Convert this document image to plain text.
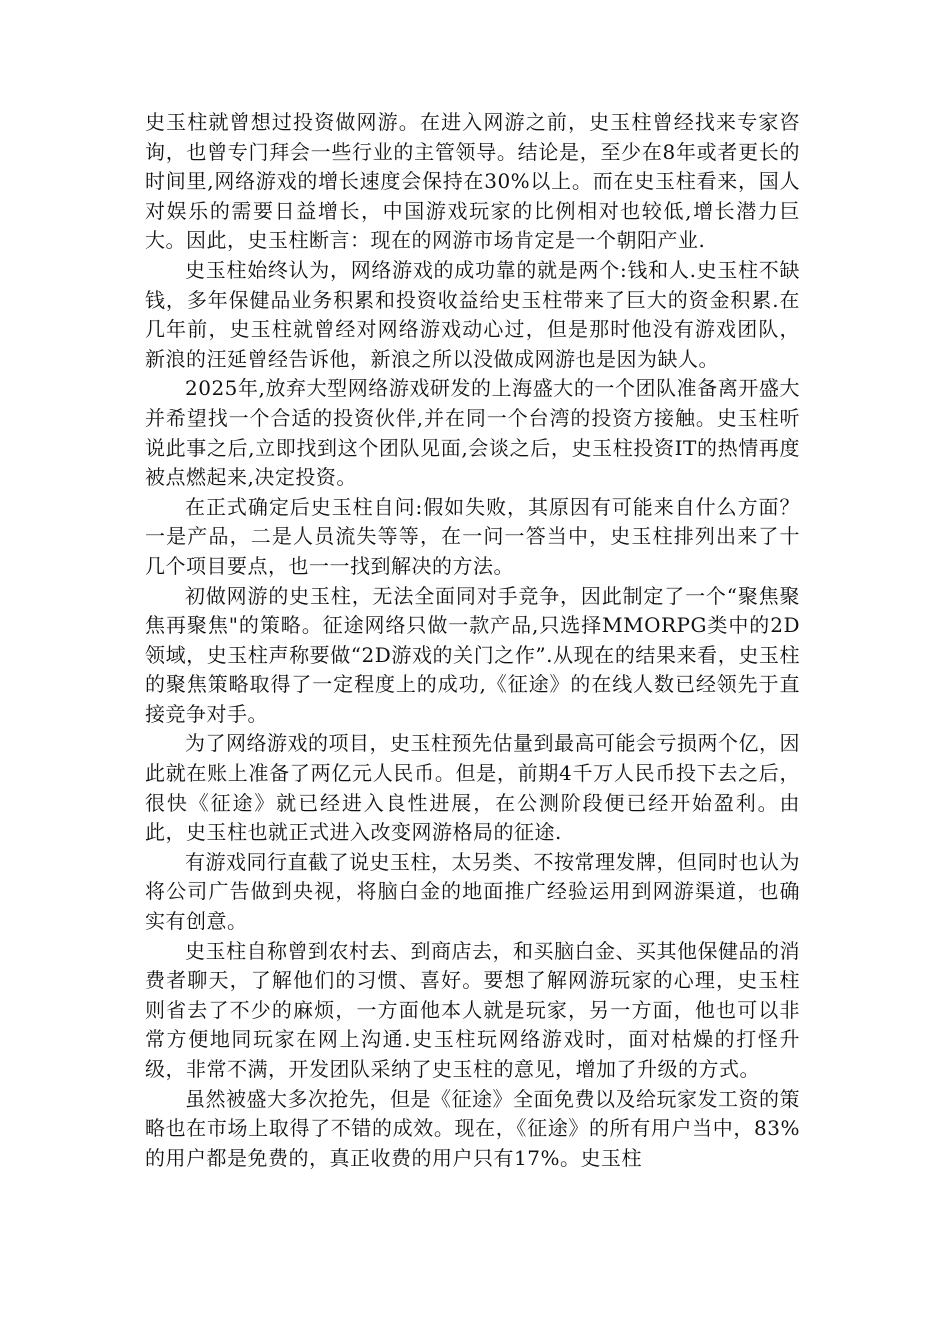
史玉柱就曾想过投资做网游。在进入网游之前，史玉柱曾经找来专家咨询，也曾专门拜会一些行业的主管领导。结论是，至少在8年或者更长的时间里,网络游戏的增长速度会保持在30%以上。而在史玉柱看来，国人对娱乐的需要日益增长，中国游戏玩家的比例相对也较低,增长潜力巨大。因此，史玉柱断言：现在的网游市场肯定是一个朝阳产业.

史玉柱始终认为，网络游戏的成功靠的就是两个:钱和人.史玉柱不缺钱，多年保健品业务积累和投资收益给史玉柱带来了巨大的资金积累.在几年前，史玉柱就曾经对网络游戏动心过，但是那时他没有游戏团队，新浪的汪延曾经告诉他，新浪之所以没做成网游也是因为缺人。

2025年,放弃大型网络游戏研发的上海盛大的一个团队准备离开盛大并希望找一个合适的投资伙伴,并在同一个台湾的投资方接触。史玉柱听说此事之后,立即找到这个团队见面,会谈之后，史玉柱投资IT的热情再度被点燃起来,决定投资。

在正式确定后史玉柱自问:假如失败，其原因有可能来自什么方面？一是产品，二是人员流失等等，在一问一答当中，史玉柱排列出来了十几个项目要点，也一一找到解决的方法。

初做网游的史玉柱，无法全面同对手竞争，因此制定了一个“聚焦聚焦再聚焦"的策略。征途网络只做一款产品,只选择MMORPG类中的2D领域，史玉柱声称要做“2D游戏的关门之作”.从现在的结果来看，史玉柱的聚焦策略取得了一定程度上的成功,《征途》的在线人数已经领先于直接竞争对手。

为了网络游戏的项目，史玉柱预先估量到最高可能会亏损两个亿，因此就在账上准备了两亿元人民币。但是，前期4千万人民币投下去之后，很快《征途》就已经进入良性进展，在公测阶段便已经开始盈利。由此，史玉柱也就正式进入改变网游格局的征途.

有游戏同行直截了说史玉柱，太另类、不按常理发牌，但同时也认为将公司广告做到央视，将脑白金的地面推广经验运用到网游渠道，也确实有创意。

史玉柱自称曾到农村去、到商店去，和买脑白金、买其他保健品的消费者聊天，了解他们的习惯、喜好。要想了解网游玩家的心理，史玉柱则省去了不少的麻烦，一方面他本人就是玩家，另一方面，他也可以非常方便地同玩家在网上沟通.史玉柱玩网络游戏时，面对枯燥的打怪升级，非常不满，开发团队采纳了史玉柱的意见，增加了升级的方式。

虽然被盛大多次抢先，但是《征途》全面免费以及给玩家发工资的策略也在市场上取得了不错的成效。现在，《征途》的所有用户当中，83%的用户都是免费的，真正收费的用户只有17%。史玉柱
